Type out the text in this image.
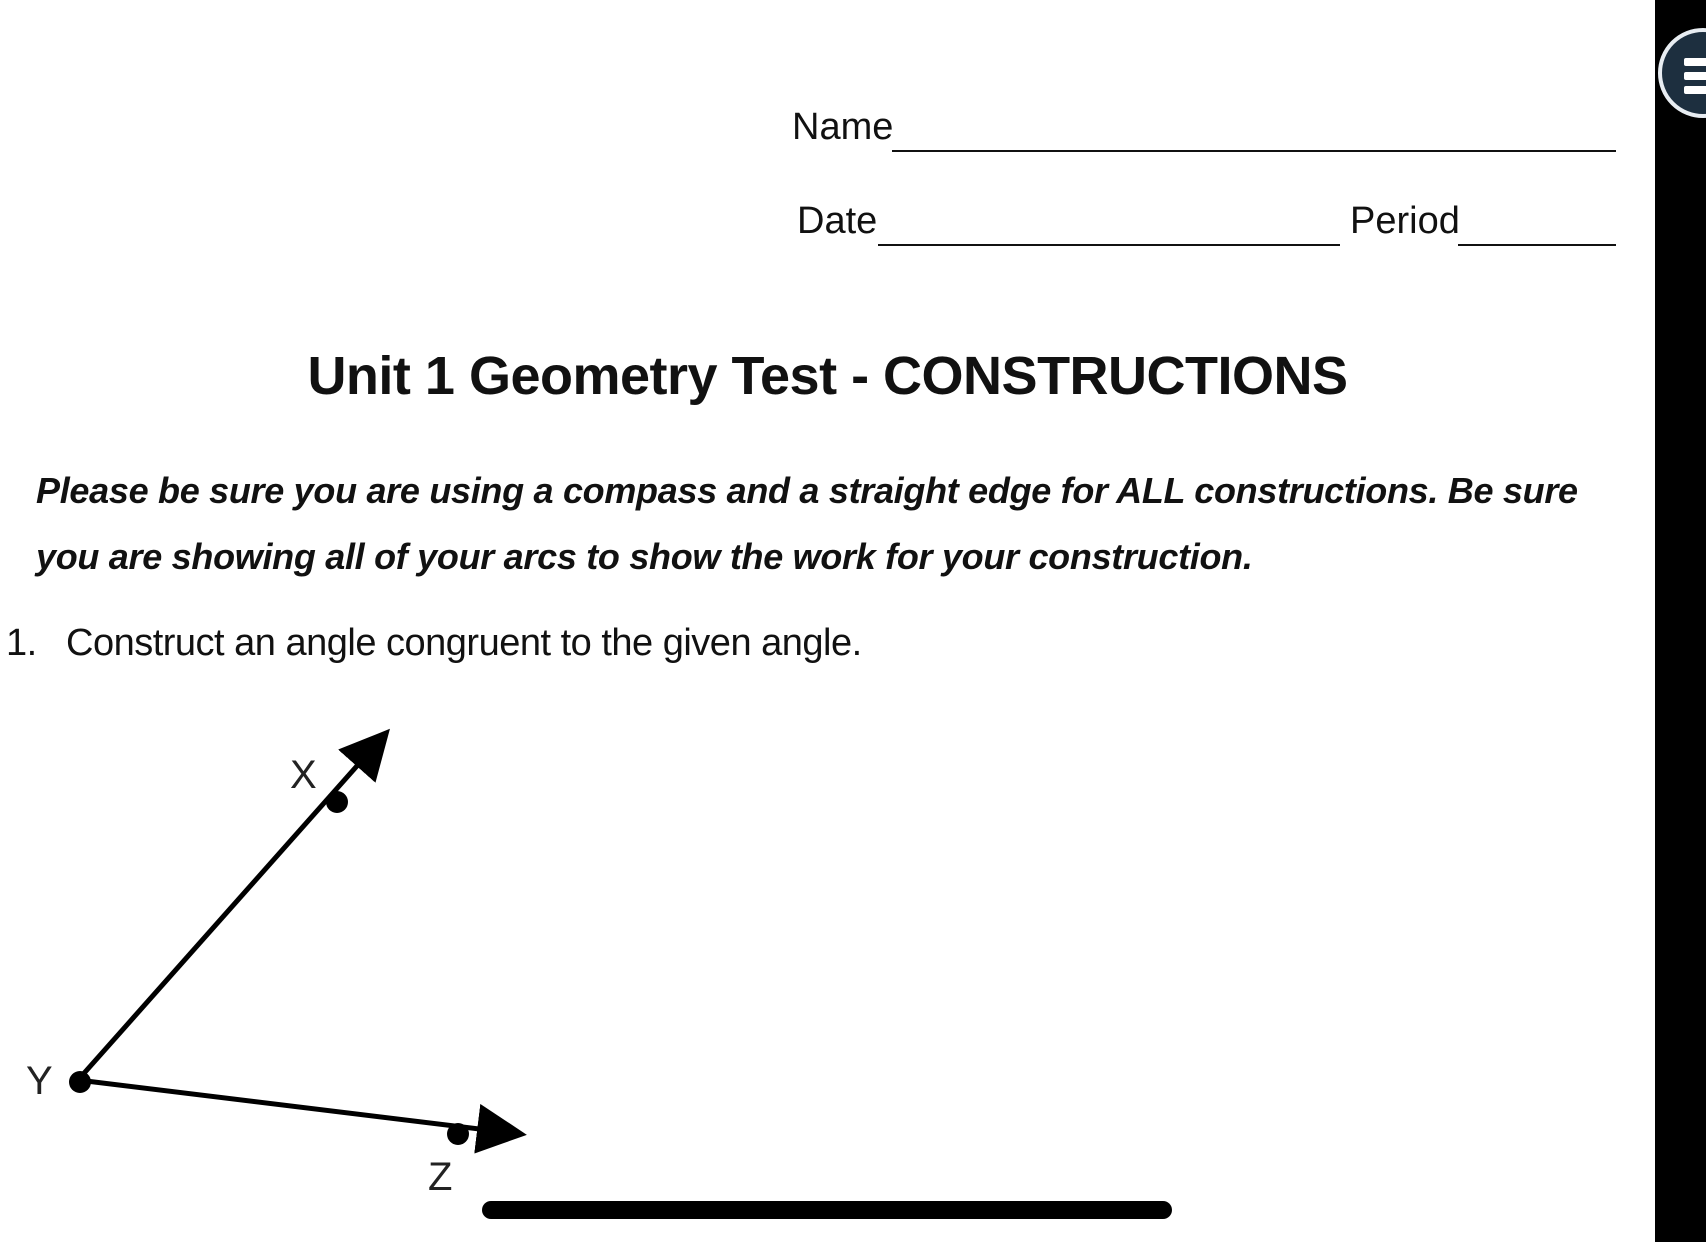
Name
Date	Period
Unit 1 Geometry Test - CONSTRUCTIONS
Please be sure you are using a compass and a straight edge for ALL constructions. Be sure you are showing all of your arcs to show the work for your construction.
1. Construct an angle congruent to the given angle.
X
Y
Z
